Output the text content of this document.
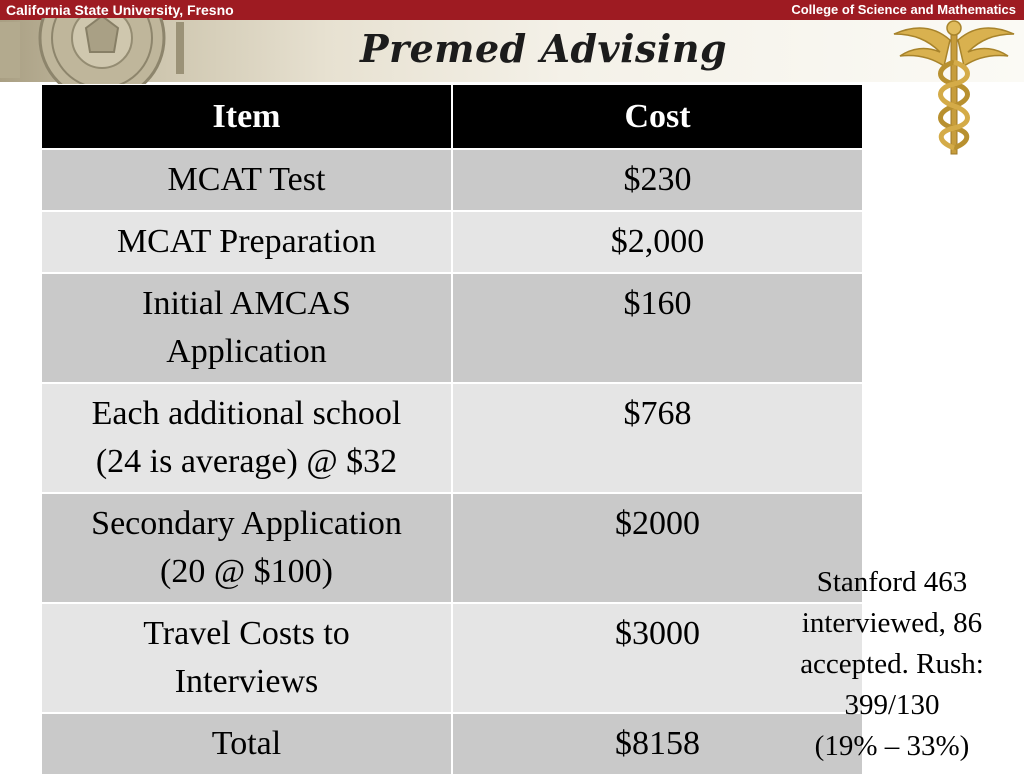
California State University, Fresno	College of Science and Mathematics
Premed Advising
Item	Cost

MCAT Test	$230

MCAT Preparation	$2,000

Initial AMCAS
Application	$160

Each additional school
(24 is average) @ $32	$768

Secondary Application
(20 @ $100)	$2000

Travel Costs to
Interviews	$3000

Total	$8158
Stanford 463
interviewed, 86
accepted. Rush:
399/130
(19% – 33%)
